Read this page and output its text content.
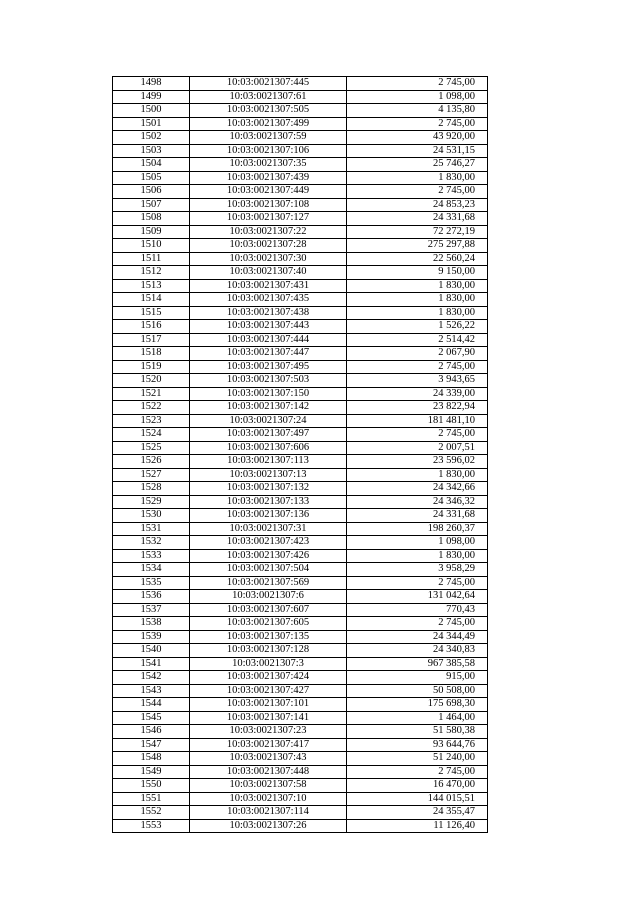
1498	10:03:0021307:445	2 745,00
1499	10:03:0021307:61	1 098,00
1500	10:03:0021307:505	4 135,80
1501	10:03:0021307:499	2 745,00
1502	10:03:0021307:59	43 920,00
1503	10:03:0021307:106	24 531,15
1504	10:03:0021307:35	25 746,27
1505	10:03:0021307:439	1 830,00
1506	10:03:0021307:449	2 745,00
1507	10:03:0021307:108	24 853,23
1508	10:03:0021307:127	24 331,68
1509	10:03:0021307:22	72 272,19
1510	10:03:0021307:28	275 297,88
1511	10:03:0021307:30	22 560,24
1512	10:03:0021307:40	9 150,00
1513	10:03:0021307:431	1 830,00
1514	10:03:0021307:435	1 830,00
1515	10:03:0021307:438	1 830,00
1516	10:03:0021307:443	1 526,22
1517	10:03:0021307:444	2 514,42
1518	10:03:0021307:447	2 067,90
1519	10:03:0021307:495	2 745,00
1520	10:03:0021307:503	3 943,65
1521	10:03:0021307:150	24 339,00
1522	10:03:0021307:142	23 822,94
1523	10:03:0021307:24	181 481,10
1524	10:03:0021307:497	2 745,00
1525	10:03:0021307:606	2 007,51
1526	10:03:0021307:113	23 596,02
1527	10:03:0021307:13	1 830,00
1528	10:03:0021307:132	24 342,66
1529	10:03:0021307:133	24 346,32
1530	10:03:0021307:136	24 331,68
1531	10:03:0021307:31	198 260,37
1532	10:03:0021307:423	1 098,00
1533	10:03:0021307:426	1 830,00
1534	10:03:0021307:504	3 958,29
1535	10:03:0021307:569	2 745,00
1536	10:03:0021307:6	131 042,64
1537	10:03:0021307:607	770,43
1538	10:03:0021307:605	2 745,00
1539	10:03:0021307:135	24 344,49
1540	10:03:0021307:128	24 340,83
1541	10:03:0021307:3	967 385,58
1542	10:03:0021307:424	915,00
1543	10:03:0021307:427	50 508,00
1544	10:03:0021307:101	175 698,30
1545	10:03:0021307:141	1 464,00
1546	10:03:0021307:23	51 580,38
1547	10:03:0021307:417	93 644,76
1548	10:03:0021307:43	51 240,00
1549	10:03:0021307:448	2 745,00
1550	10:03:0021307:58	16 470,00
1551	10:03:0021307:10	144 015,51
1552	10:03:0021307:114	24 355,47
1553	10:03:0021307:26	11 126,40
